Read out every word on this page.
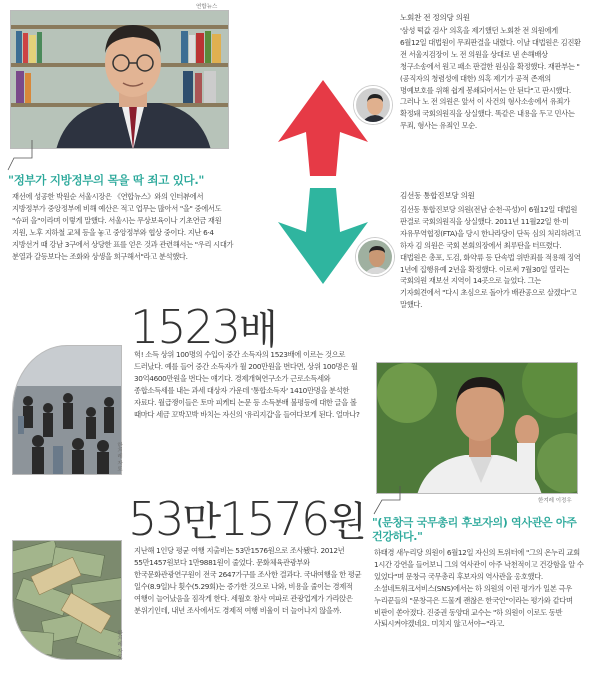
연합뉴스
"정부가 지방정부의 목을 딱 죄고 있다."
재선에 성공한 박원순 서울시장은 《연합뉴스》와의 인터뷰에서 지방정부가 중앙정부에 비해 예산은 적고 업무는 많아서 "을" 중에서도 "슈퍼 을"이라며 이렇게 말했다. 서울시는 무상보육이나 기초연금 재원 지원, 노후 지하철 교체 등을 놓고 중앙정부와 협상 중이다. 지난 6·4 지방선거 때 강남 3구에서 상당한 표를 얻은 것과 관련해서는 "우리 시대가 분열과 갈등보다는 조화와 상생을 희구해서"라고 분석했다.
노회찬 전 정의당 의원
'삼성 떡값 검사' 의혹을 제기했던 노회찬 전 의원에게 6월12일 대법원이 무죄판결을 내렸다. 이날 대법원은 김진환 전 서울지검장이 노 전 의원을 상대로 낸 손해배상 청구소송에서 원고 패소 판결한 원심을 확정했다. 재판부는 "(공직자의 청렴성에 대한) 의혹 제기가 공적 존재의 명예보호를 위해 쉽게 봉쇄되어서는 안 된다"고 판시했다. 그러나 노 전 의원은 앞서 이 사건의 형사소송에서 유죄가 확정돼 국회의원직을 상실했다. 똑같은 내용을 두고 민사는 무죄, 형사는 유죄인 모순.
김선동 통합진보당 의원
김선동 통합진보당 의원(전남 순천·곡성)이 6월12일 대법원 판결로 국회의원직을 상실했다. 2011년 11월22일 한·미 자유무역협정(FTA)을 당시 한나라당이 단독 심의 처리하려고 하자 김 의원은 국회 본회의장에서 최루탄을 터뜨렸다. 대법원은 총포, 도검, 화약류 등 단속법 위반죄를 적용해 징역 1년에 집행유예 2년을 확정했다. 이로써 7월30일 열리는 국회의원 재보선 지역이 14곳으로 늘었다. 그는 기자회견에서 "다시 초심으로 돌아가 배관공으로 살겠다"고 말했다.
1523배
한겨레 자료
헉! 소득 상위 100명의 수입이 중간 소득자의 1523배에 이르는 것으로 드러났다. 예를 들어 중간 소득자가 월 200만원을 번다면, 상위 100명은 월 30억4600만원을 번다는 얘기다. 경제개혁연구소가 근로소득세와 종합소득세를 내는 과세 대상자 가운데 '통합소득자' 1410만명을 분석한 자료다. 월급쟁이들은 토마 피케티 논문 등 소득분배 불평등에 대한 글을 볼 때마다 세금 꼬박꼬박 바치는 자신의 '유리지갑'을 들여다보게 된다. 얼마나?
53만1576원
한겨레 자료
지난해 1인당 평균 여행 지출비는 53만1576원으로 조사됐다. 2012년 55만1457원보다 1만9881원이 줄었다. 문화체육관광부와 한국문화관광연구원이 전국 2647가구를 조사한 결과다. 국내여행을 한 평균 일수(8.9일)나 횟수(5.29회)는 증가한 것으로 나와, 비용을 줄이는 경제적 여행이 늘어났음을 짐작게 한다. 세월호 참사 여파로 관광업계가 가라앉은 분위기인데, 내년 조사에서도 경제적 여행 비율이 더 늘어나지 않을까.
한겨레 이정우
"(문창극 국무총리 후보자의) 역사관은 아주 건강하다."
하태경 새누리당 의원이 6월12일 자신의 트위터에 "그의 온누리 교회 1시간 강연을 들어보니 그의 역사관이 아주 낙천적이고 건강함을 알 수 있었다"며 문창극 국무총리 후보자의 역사관을 옹호했다. 소셜네트워크서비스(SNS)에서는 하 의원의 이런 평가가 일본 극우 누리꾼들의 "문창극은 드물게 괜찮은 한국인"이라는 평가와 같다며 비판이 쏟아졌다. 진중권 동양대 교수는 "하 의원이 이로도 동반 사퇴시켜야겠네요. 미치지 않고서야~"라고.
